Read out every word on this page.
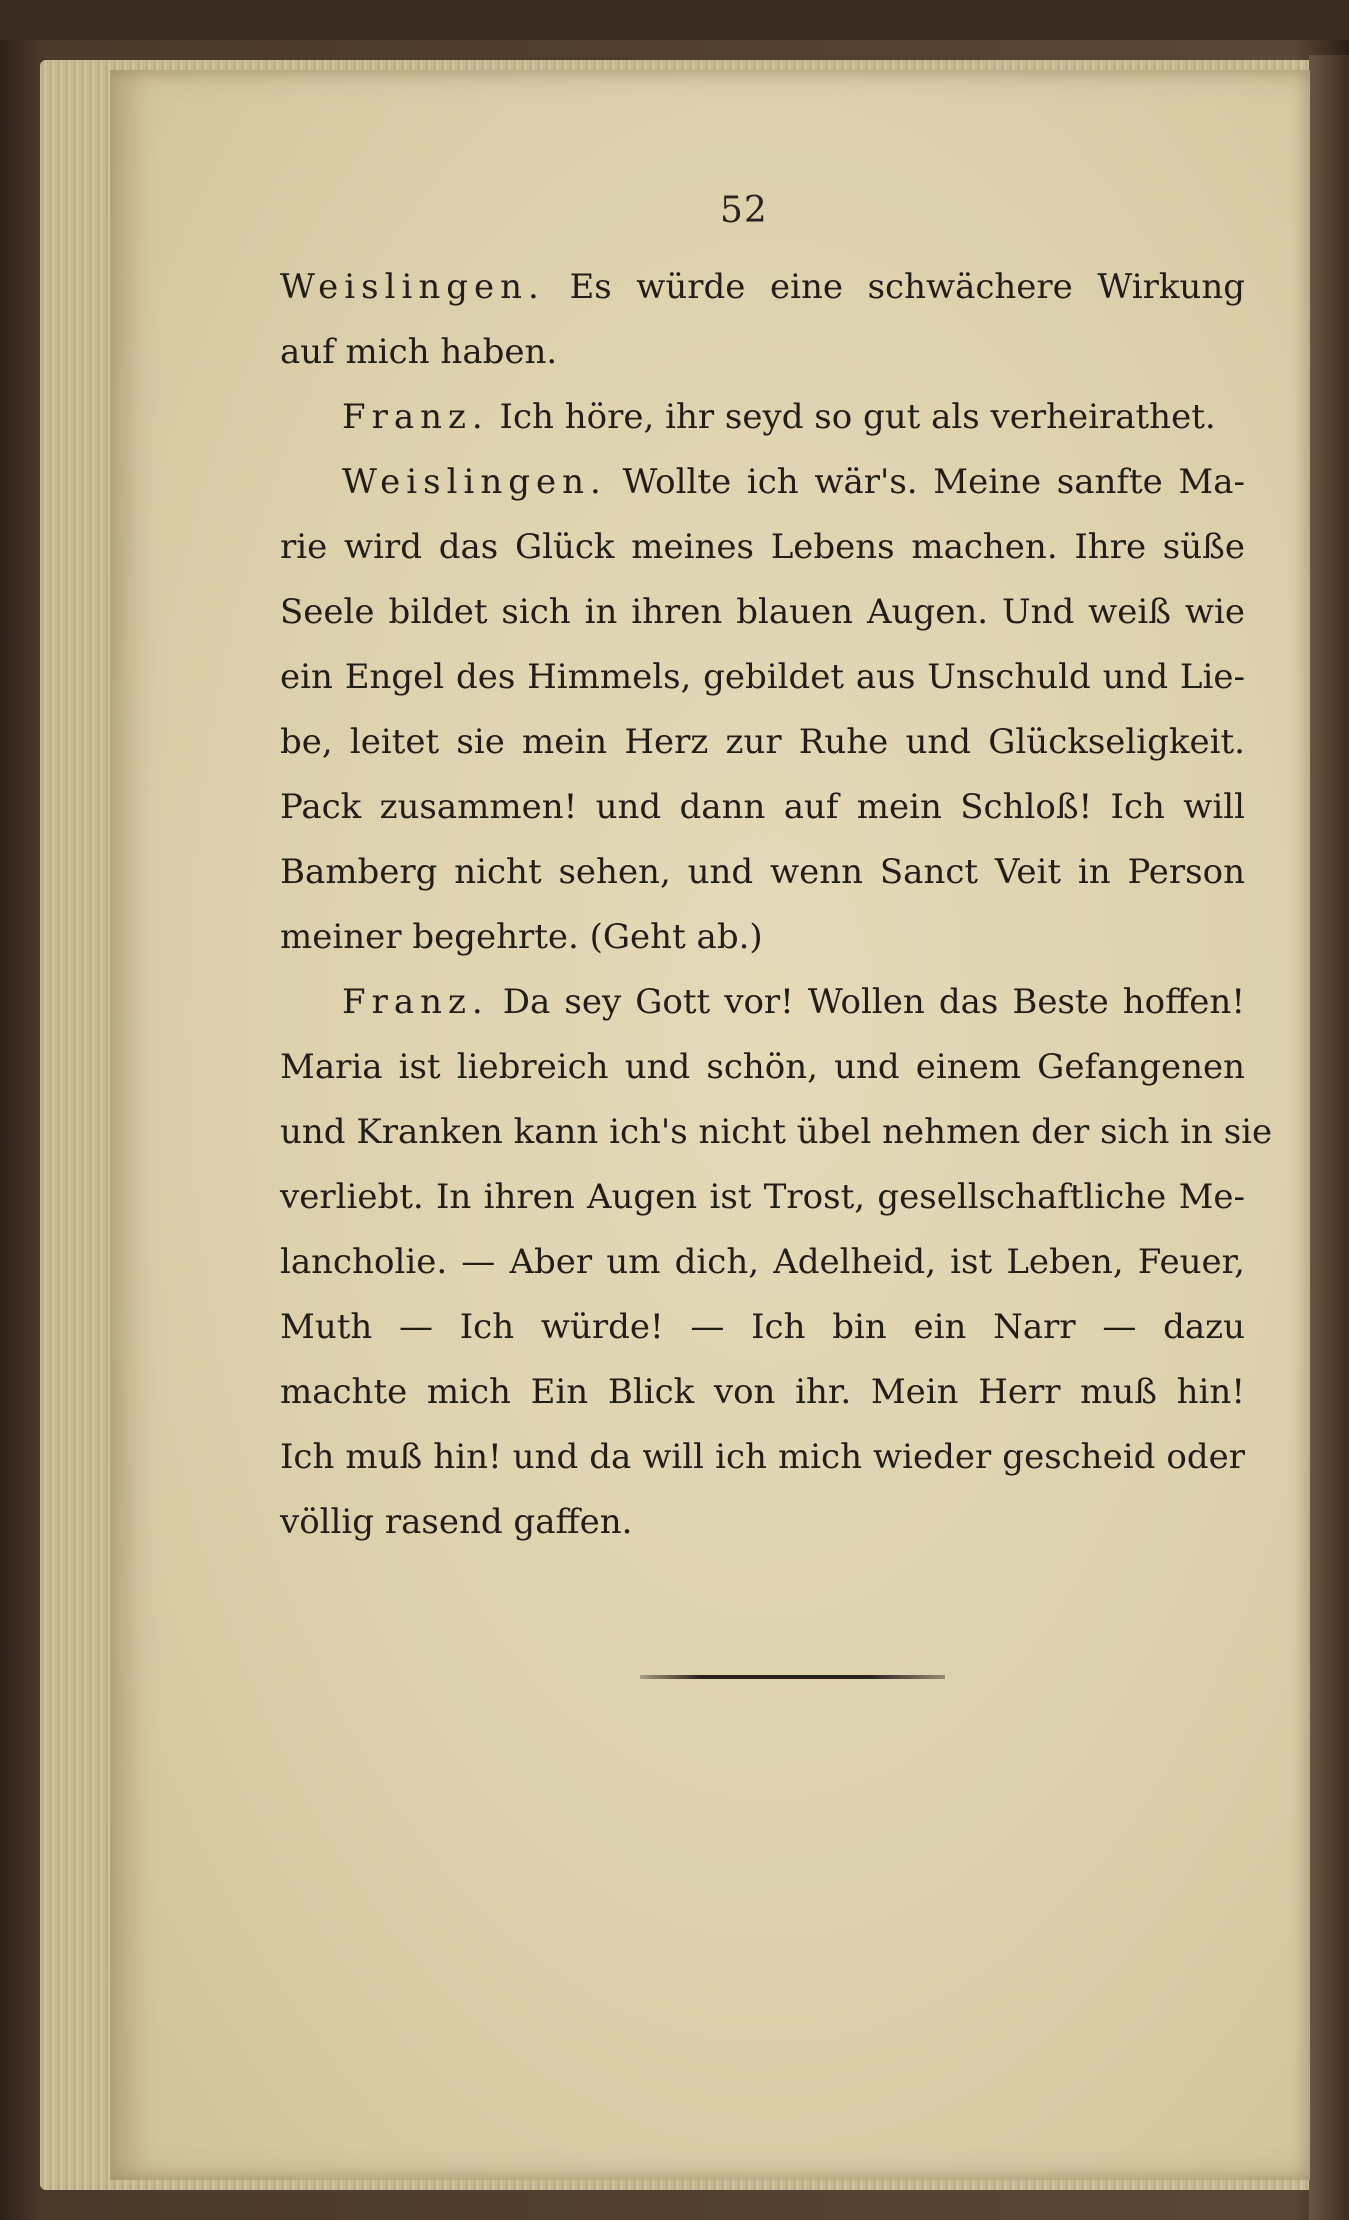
52
Weislingen. Es würde eine schwächere Wirkung
auf mich haben.
Franz. Ich höre, ihr seyd so gut als verheirathet.
Weislingen. Wollte ich wär's. Meine sanfte Ma-
rie wird das Glück meines Lebens machen. Ihre süße
Seele bildet sich in ihren blauen Augen. Und weiß wie
ein Engel des Himmels, gebildet aus Unschuld und Lie-
be, leitet sie mein Herz zur Ruhe und Glückseligkeit.
Pack zusammen! und dann auf mein Schloß! Ich will
Bamberg nicht sehen, und wenn Sanct Veit in Person
meiner begehrte. (Geht ab.)
Franz. Da sey Gott vor! Wollen das Beste hoffen!
Maria ist liebreich und schön, und einem Gefangenen
und Kranken kann ich's nicht übel nehmen der sich in sie
verliebt. In ihren Augen ist Trost, gesellschaftliche Me-
lancholie. — Aber um dich, Adelheid, ist Leben, Feuer,
Muth — Ich würde! — Ich bin ein Narr — dazu
machte mich Ein Blick von ihr. Mein Herr muß hin!
Ich muß hin! und da will ich mich wieder gescheid oder
völlig rasend gaffen.
